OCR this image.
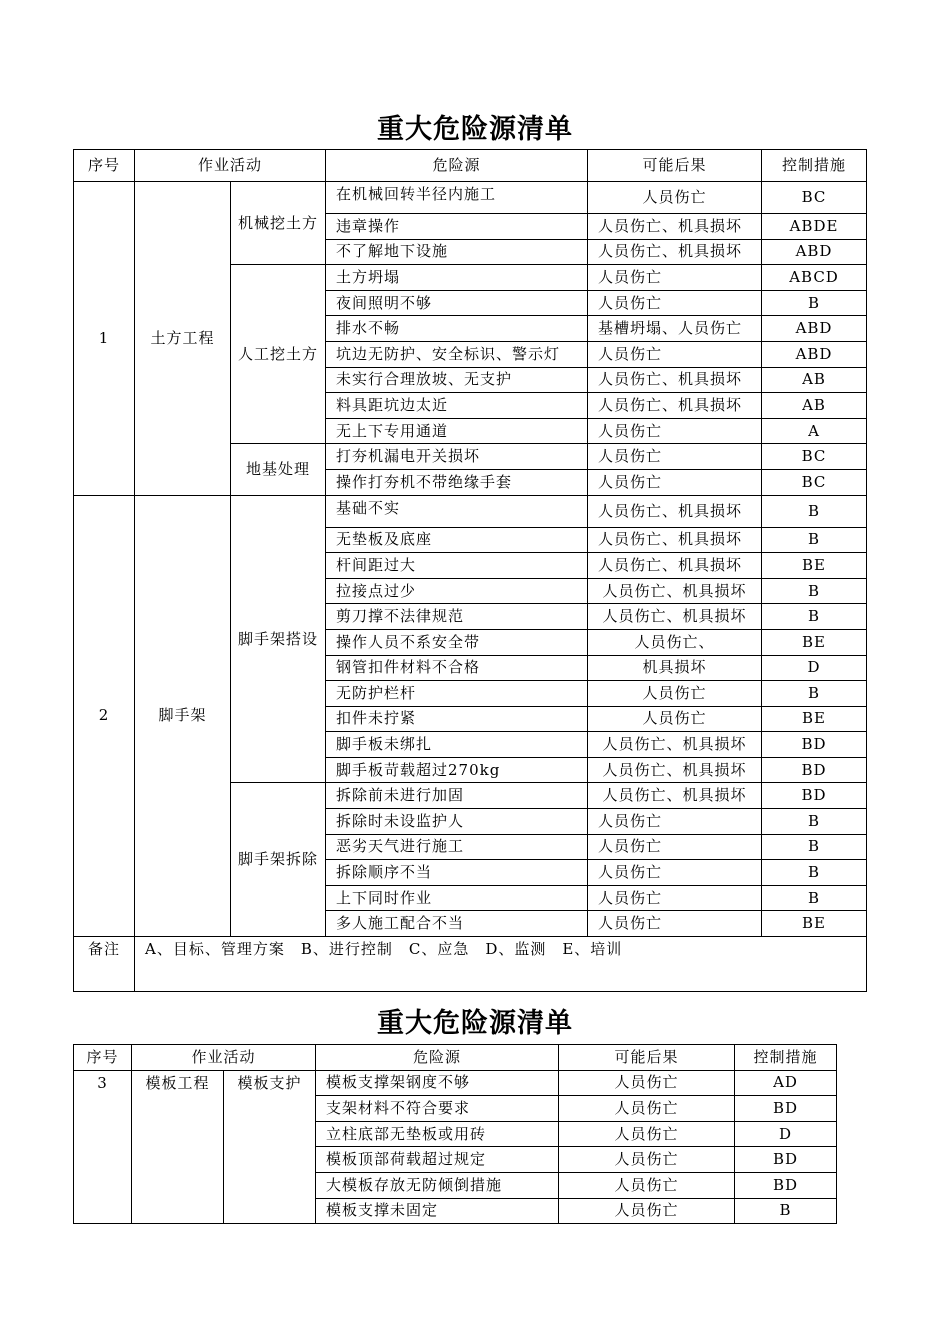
重大危险源清单
序号	作业活动		危险源	可能后果	控制措施
1	土方工程	机械挖土方	在机械回转半径内施工	人员伤亡	BC
			违章操作	人员伤亡、机具损坏	ABDE
			不了解地下设施	人员伤亡、机具损坏	ABD
		人工挖土方	土方坍塌	人员伤亡	ABCD
			夜间照明不够	人员伤亡	B
			排水不畅	基槽坍塌、人员伤亡	ABD
			坑边无防护、安全标识、警示灯	人员伤亡	ABD
			未实行合理放坡、无支护	人员伤亡、机具损坏	AB
			料具距坑边太近	人员伤亡、机具损坏	AB
			无上下专用通道	人员伤亡	A
		地基处理	打夯机漏电开关损坏	人员伤亡	BC
			操作打夯机不带绝缘手套	人员伤亡	BC
2	脚手架	脚手架搭设	基础不实	人员伤亡、机具损坏	B
			无垫板及底座	人员伤亡、机具损坏	B
			杆间距过大	人员伤亡、机具损坏	BE
			拉接点过少	人员伤亡、机具损坏	B
			剪刀撑不法律规范	人员伤亡、机具损坏	B
			操作人员不系安全带	人员伤亡、	BE
			钢管扣件材料不合格	机具损坏	D
			无防护栏杆	人员伤亡	B
			扣件未拧紧	人员伤亡	BE
			脚手板未绑扎	人员伤亡、机具损坏	BD
			脚手板苛载超过270kg	人员伤亡、机具损坏	BD
		脚手架拆除	拆除前未进行加固	人员伤亡、机具损坏	BD
			拆除时未设监护人	人员伤亡	B
			恶劣天气进行施工	人员伤亡	B
			拆除顺序不当	人员伤亡	B
			上下同时作业	人员伤亡	B
			多人施工配合不当	人员伤亡	BE
备注	A、目标、管理方案　B、进行控制　C、应急　D、监测　E、培训				
重大危险源清单
序号	作业活动		危险源	可能后果	控制措施
3	模板工程	模板支护	模板支撑架钢度不够	人员伤亡	AD
			支架材料不符合要求	人员伤亡	BD
			立柱底部无垫板或用砖	人员伤亡	D
			模板顶部荷载超过规定	人员伤亡	BD
			大模板存放无防倾倒措施	人员伤亡	BD
			模板支撑未固定	人员伤亡	B
